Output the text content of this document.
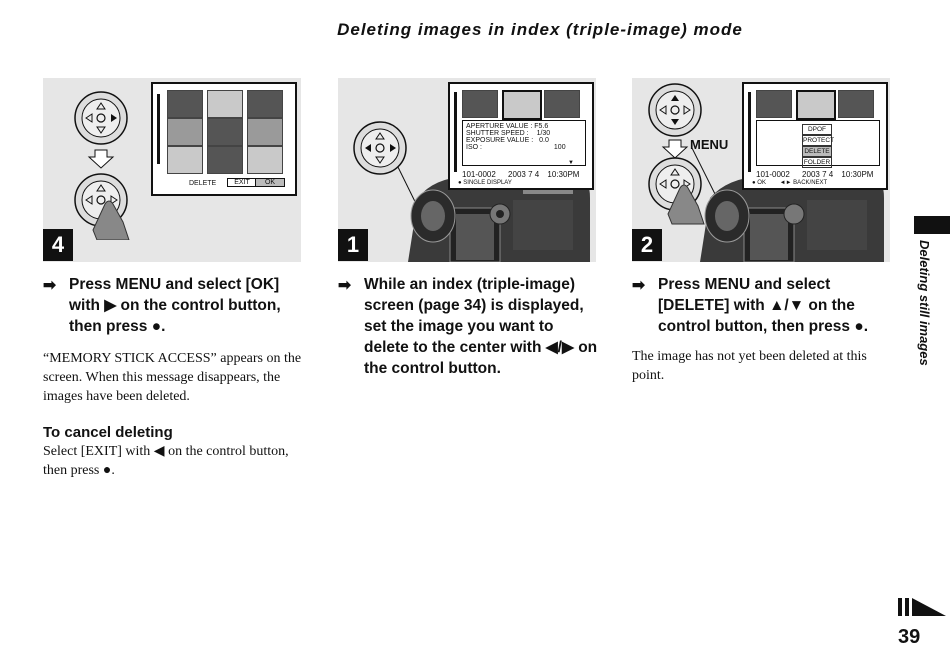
Deleting images in index (triple-image) mode
DELETE	EXIT	OK
4
APERTURE VALUE : F5.6
SHUTTER SPEED : 1/30
EXPOSURE VALUE : 0.0
ISO :	100
▼
101-0002 2003 7 4 10:30PM
● SINGLE DISPLAY
1
MENU
DPOF
PROTECT
DELETE
FOLDER
101-0002 2003 7 4 10:30PM
● OK ◄► BACK/NEXT
2
➡ Press MENU and select [OK] with ▶ on the control button, then press ●.
“MEMORY STICK ACCESS” appears on the screen. When this message disappears, the images have been deleted.
To cancel deleting
Select [EXIT] with ◀ on the control button, then press ●.
➡ While an index (triple-image) screen (page 34) is displayed, set the image you want to delete to the center with ◀/▶ on the control button.
➡ Press MENU and select [DELETE] with ▲/▼ on the control button, then press ●.
The image has not yet been deleted at this point.
Deleting still images
39
